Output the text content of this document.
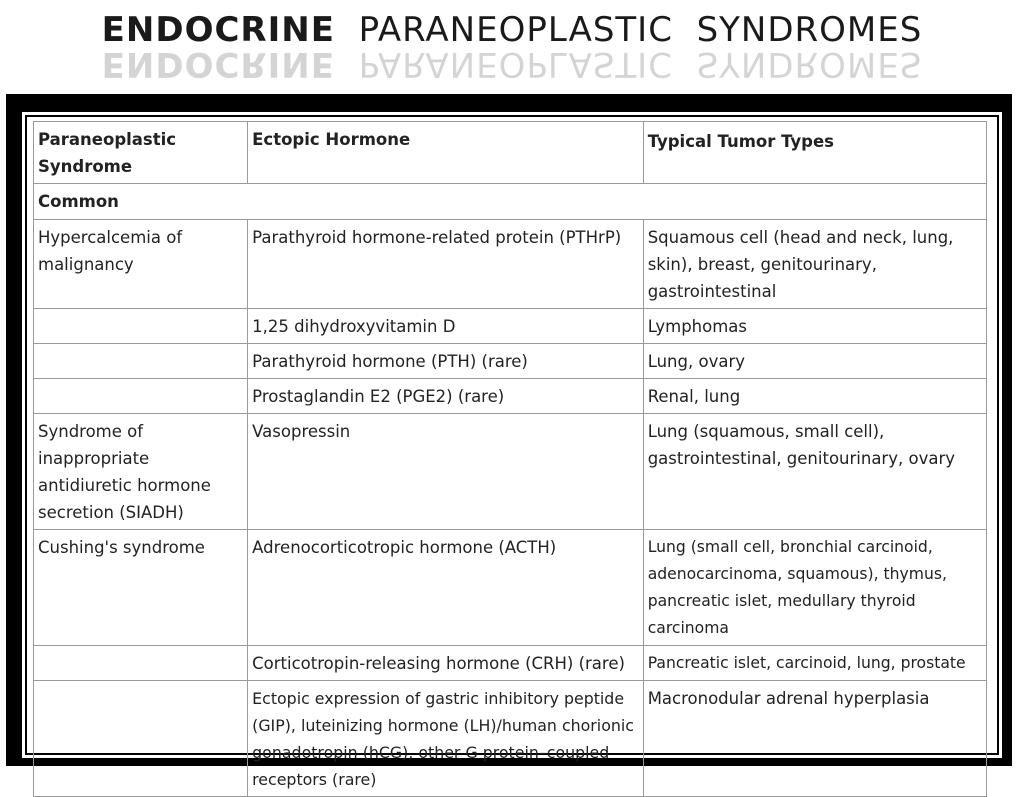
ENDOCRINE PARANEOPLASTIC  SYNDROMES
ENDOCRINE PARANEOPLASTIC  SYNDROMES
Paraneoplastic Syndrome	Ectopic Hormone	Typical Tumor Types
Common		
Hypercalcemia of malignancy	Parathyroid hormone-related protein (PTHrP)	Squamous cell (head and neck, lung, skin), breast, genitourinary, gastrointestinal
	1,25 dihydroxyvitamin D	Lymphomas
	Parathyroid hormone (PTH) (rare)	Lung, ovary
	Prostaglandin E2 (PGE2) (rare)	Renal, lung
Syndrome of inappropriate antidiuretic hormone secretion (SIADH)	Vasopressin	Lung (squamous, small cell), gastrointestinal, genitourinary, ovary
Cushing's syndrome	Adrenocorticotropic hormone (ACTH)	Lung (small cell, bronchial carcinoid, adenocarcinoma, squamous), thymus, pancreatic islet, medullary thyroid carcinoma
	Corticotropin-releasing hormone (CRH) (rare)	Pancreatic islet, carcinoid, lung, prostate
	Ectopic expression of gastric inhibitory peptide (GIP), luteinizing hormone (LH)/human chorionic gonadotropin (hCG), other G protein–coupled receptors (rare)	Macronodular adrenal hyperplasia
